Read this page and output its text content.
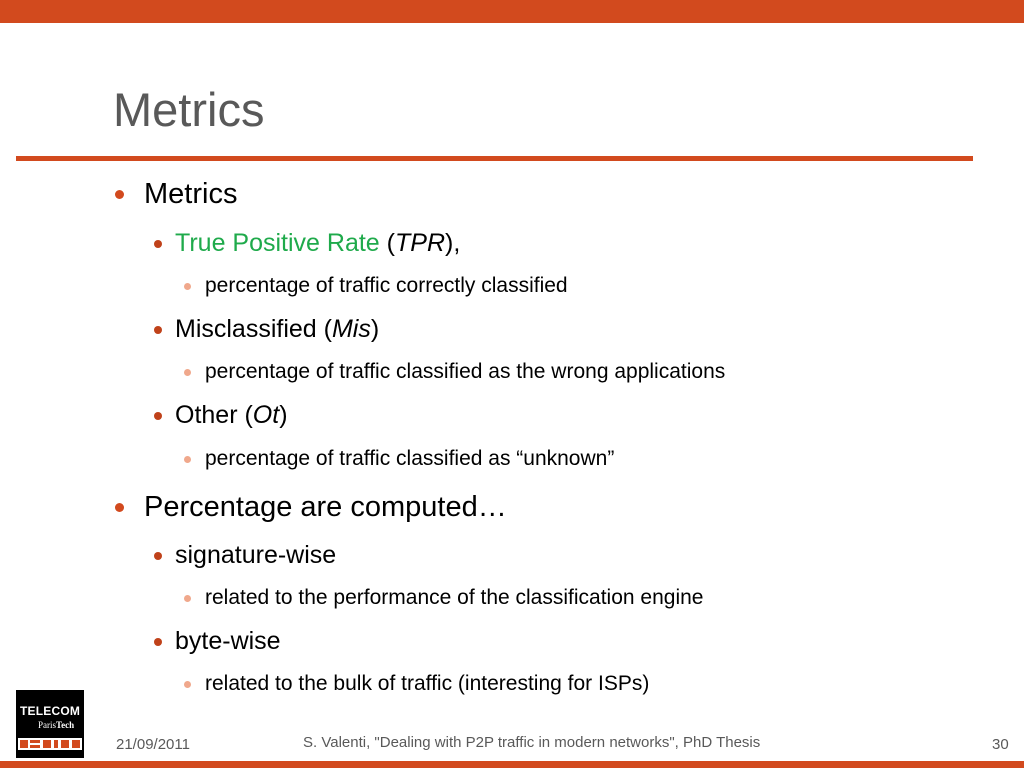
Metrics
Metrics
True Positive Rate (TPR),
percentage of traffic correctly classified
Misclassified (Mis)
percentage of traffic classified as the wrong applications
Other (Ot)
percentage of traffic classified as “unknown”
Percentage are computed…
signature-wise
related to the performance of the classification engine
byte-wise
related to the bulk of traffic (interesting for ISPs)
TELECOM
ParisTech
21/09/2011	S. Valenti, "Dealing with P2P traffic in modern networks", PhD Thesis	30
